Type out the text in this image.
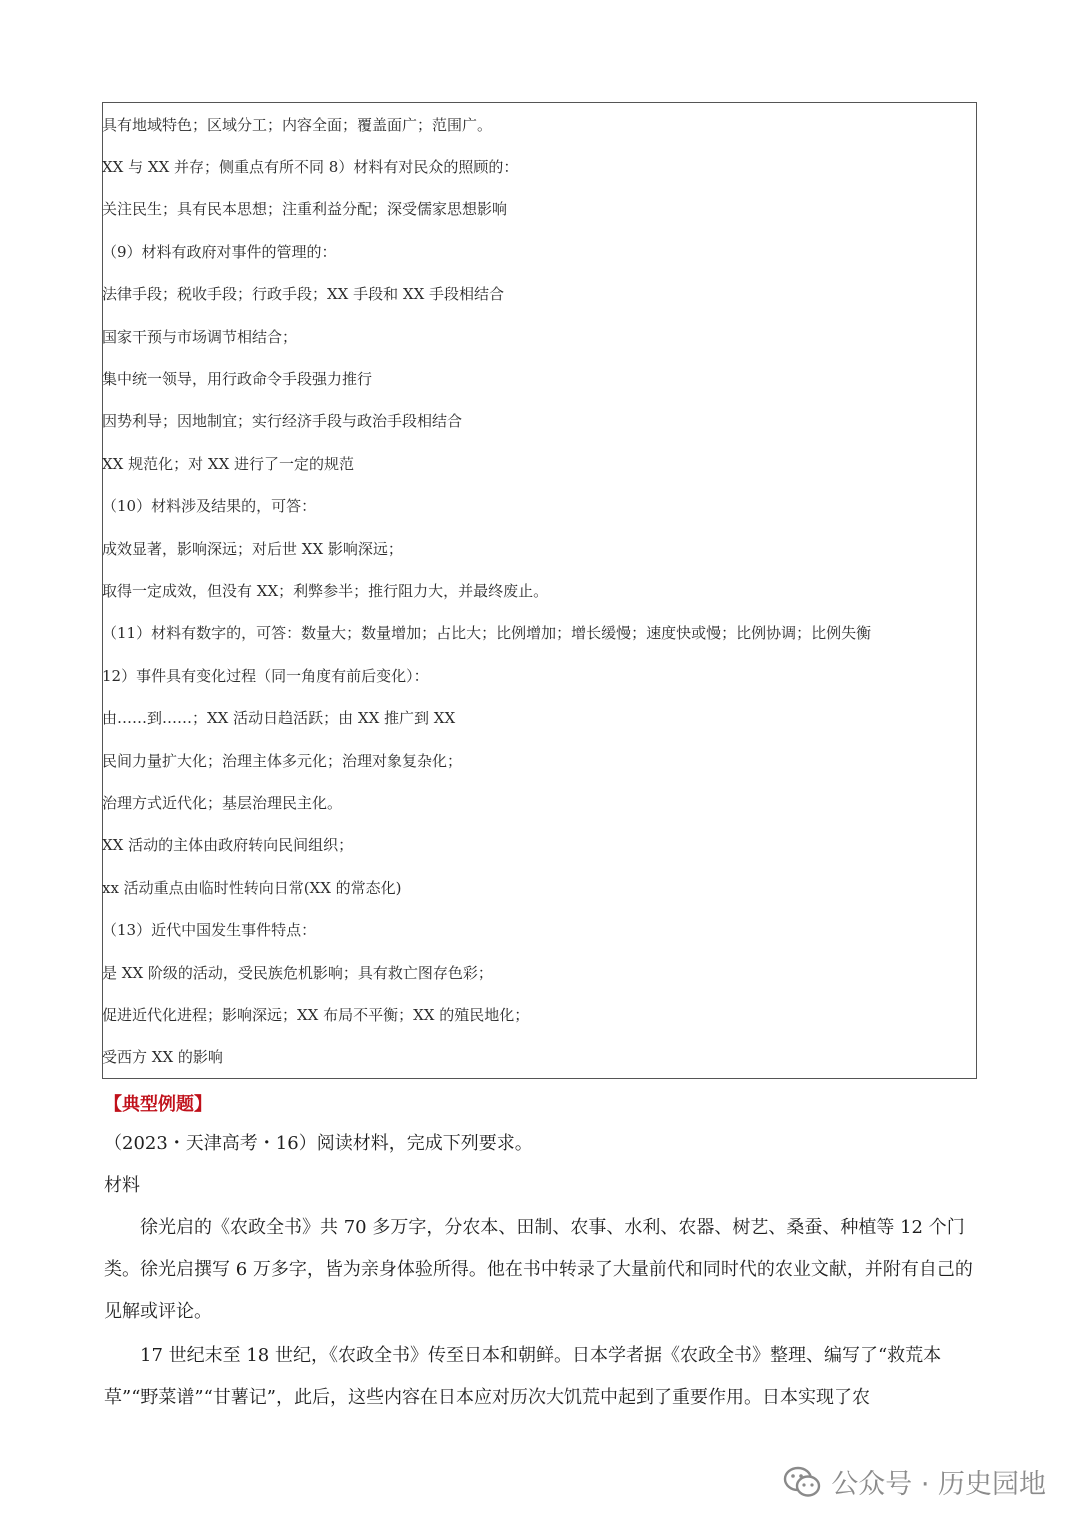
具有地域特色；区域分工；内容全面；覆盖面广；范围广。
XX 与 XX 并存；侧重点有所不同 8）材料有对民众的照顾的：
关注民生；具有民本思想；注重利益分配；深受儒家思想影响
（9）材料有政府对事件的管理的：
法律手段；税收手段；行政手段；XX 手段和 XX 手段相结合
国家干预与市场调节相结合；
集中统一领导，用行政命令手段强力推行
因势利导；因地制宜；实行经济手段与政治手段相结合
XX 规范化；对 XX 进行了一定的规范
（10）材料涉及结果的，可答：
成效显著，影响深远；对后世 XX 影响深远；
取得一定成效，但没有 XX；利弊参半；推行阻力大，并最终废止。
（11）材料有数字的，可答：数量大；数量增加；占比大；比例增加；增长缓慢；速度快或慢；比例协调；比例失衡
12）事件具有变化过程（同一角度有前后变化）：
由……到……；XX 活动日趋活跃；由 XX 推广到 XX
民间力量扩大化；治理主体多元化；治理对象复杂化；
治理方式近代化；基层治理民主化。
XX 活动的主体由政府转向民间组织；
xx 活动重点由临时性转向日常(XX 的常态化)
（13）近代中国发生事件特点：
是 XX 阶级的活动，受民族危机影响；具有救亡图存色彩；
促进近代化进程；影响深远；XX 布局不平衡；XX 的殖民地化；
受西方 XX 的影响
【典型例题】
（2023・天津高考・16）阅读材料，完成下列要求。
材料
徐光启的《农政全书》共 70 多万字，分农本、田制、农事、水利、农器、树艺、桑蚕、种植等 12 个门类。徐光启撰写 6 万多字，皆为亲身体验所得。他在书中转录了大量前代和同时代的农业文献，并附有自己的见解或评论。
17 世纪末至 18 世纪，《农政全书》传至日本和朝鲜。日本学者据《农政全书》整理、编写了“救荒本草”“野菜谱”“甘薯记”，此后，这些内容在日本应对历次大饥荒中起到了重要作用。日本实现了农
公众号 · 历史园地
